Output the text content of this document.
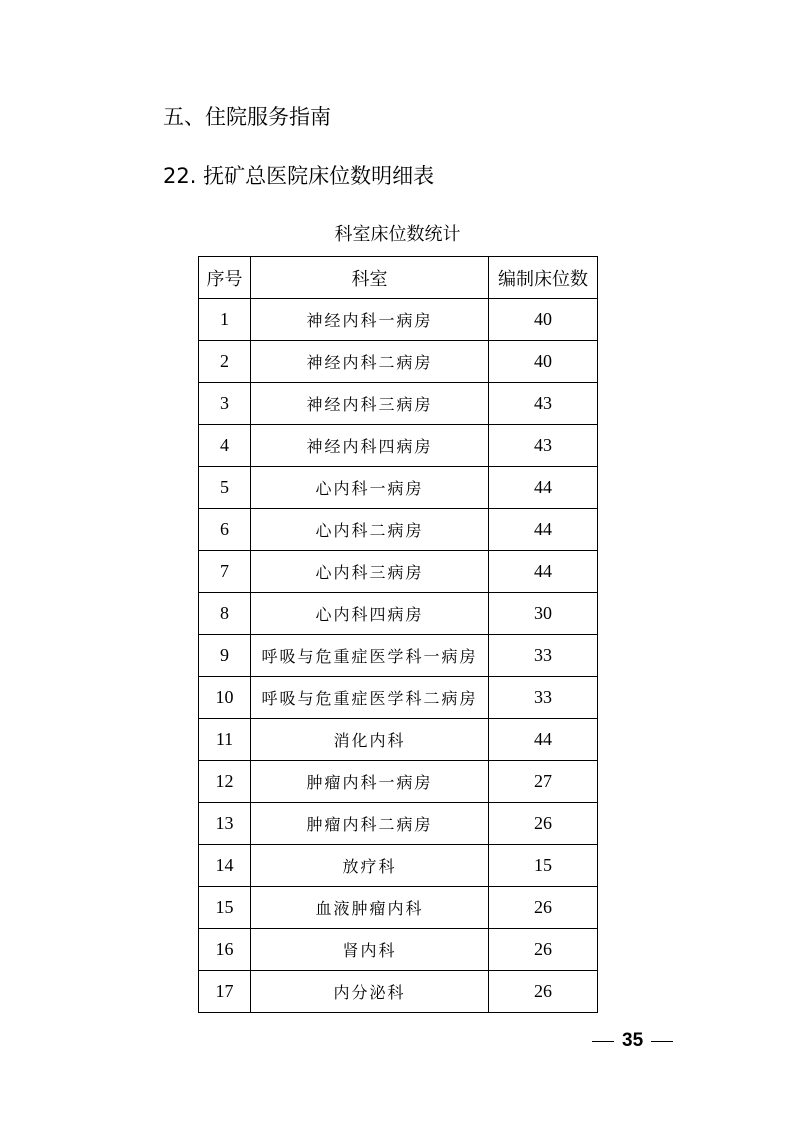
五、住院服务指南
22. 抚矿总医院床位数明细表
科室床位数统计
序号	科室	编制床位数
1	神经内科一病房	40
2	神经内科二病房	40
3	神经内科三病房	43
4	神经内科四病房	43
5	心内科一病房	44
6	心内科二病房	44
7	心内科三病房	44
8	心内科四病房	30
9	呼吸与危重症医学科一病房	33
10	呼吸与危重症医学科二病房	33
11	消化内科	44
12	肿瘤内科一病房	27
13	肿瘤内科二病房	26
14	放疗科	15
15	血液肿瘤内科	26
16	肾内科	26
17	内分泌科	26
35
